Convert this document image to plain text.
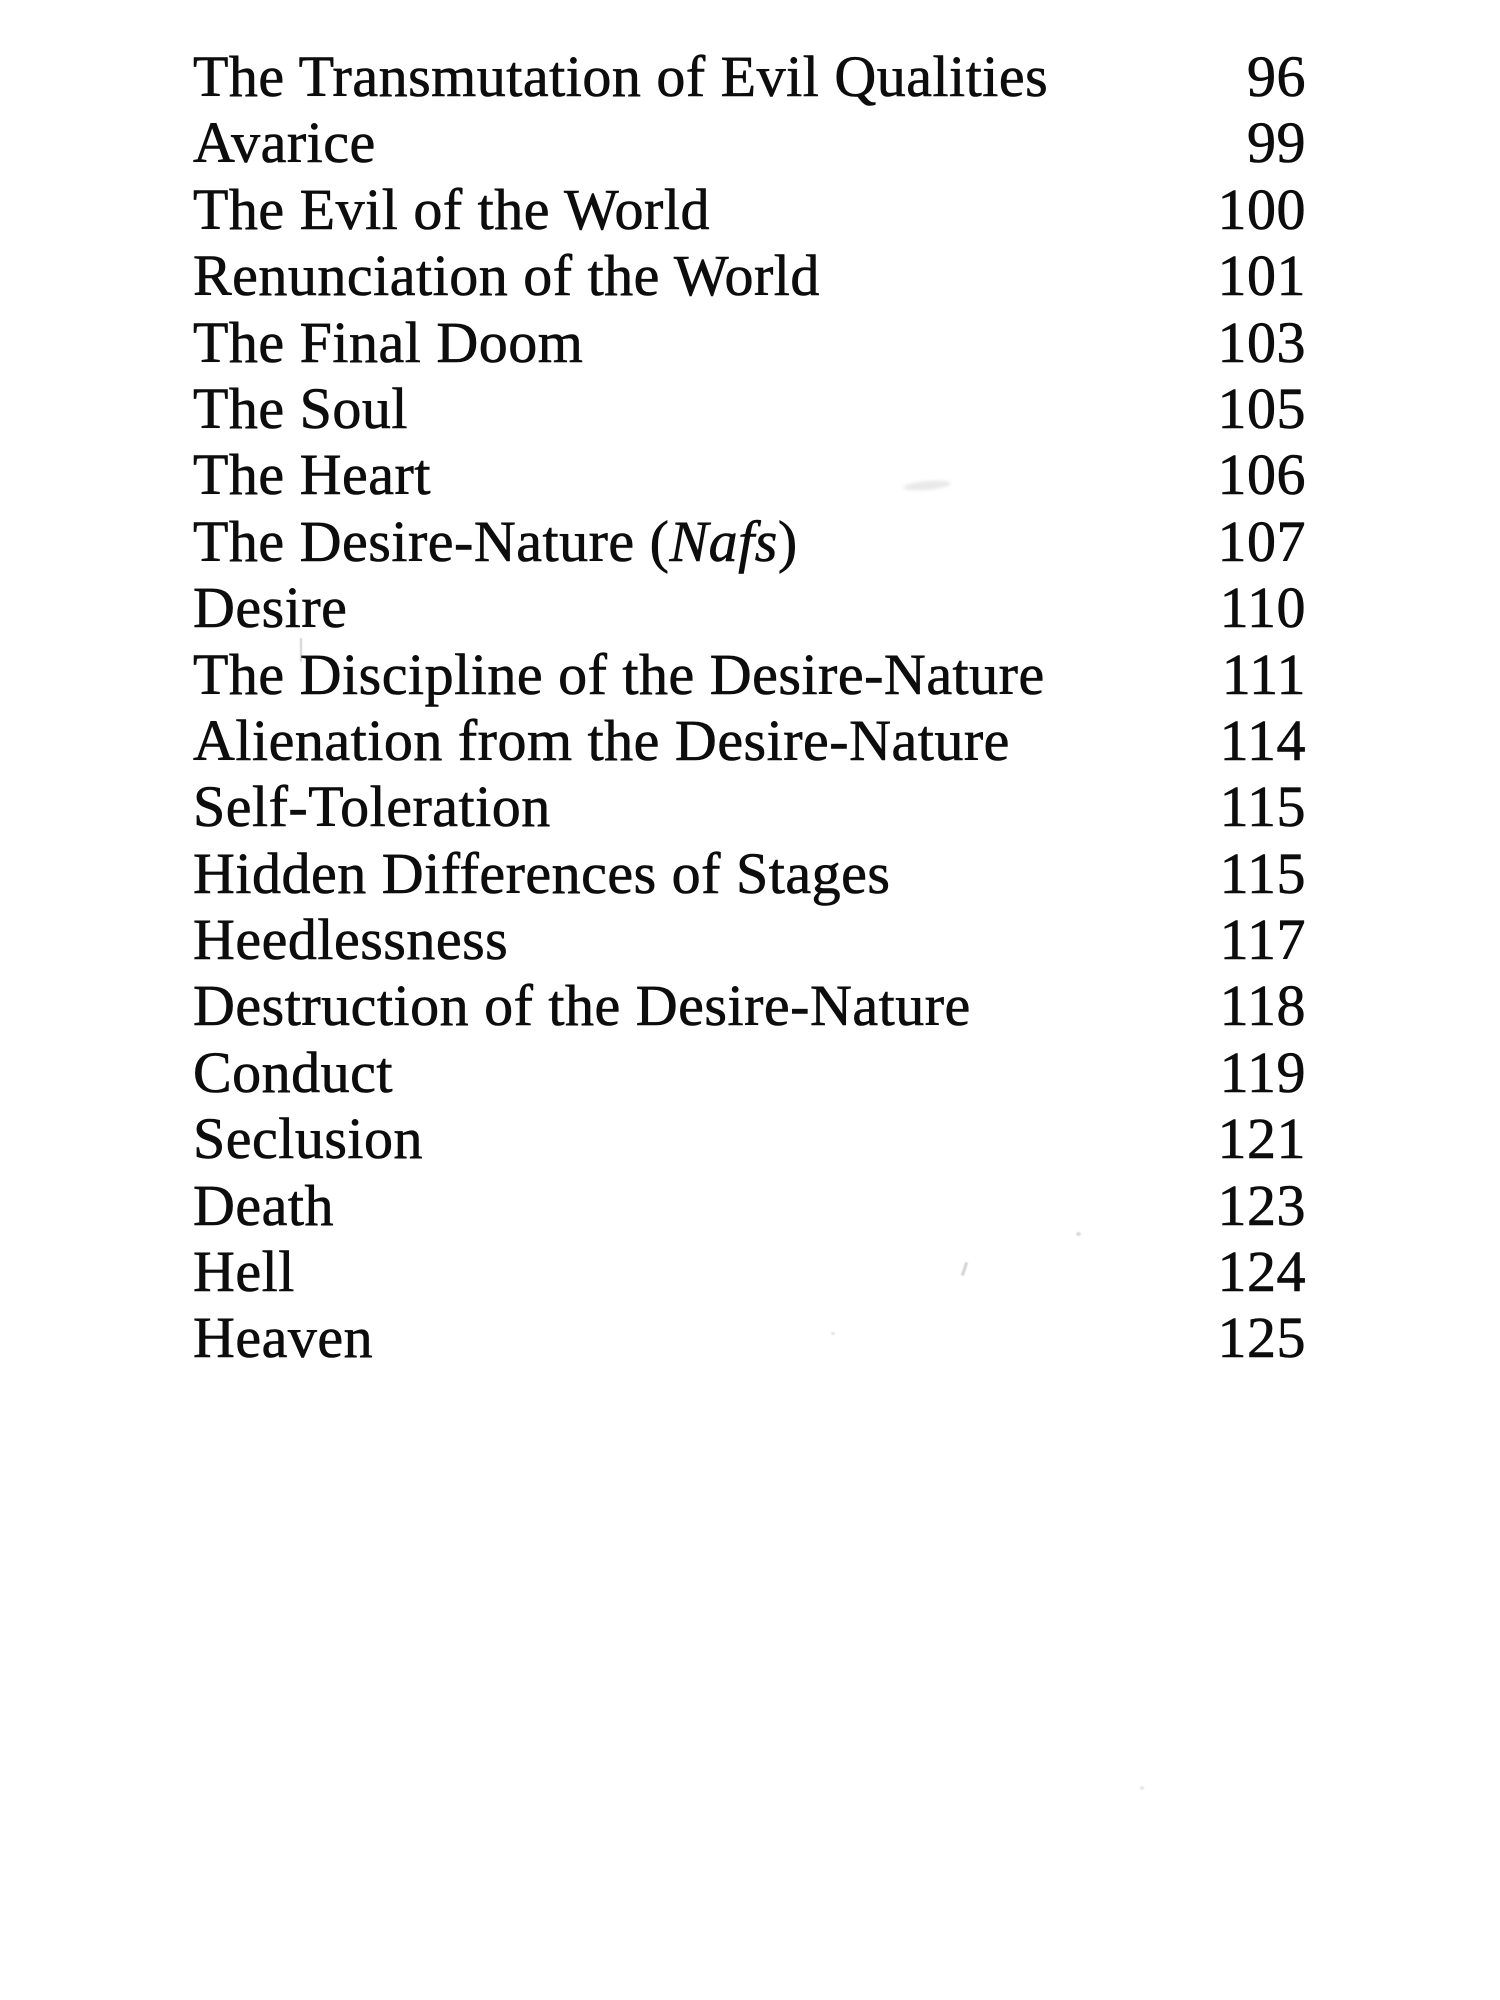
The Transmutation of Evil Qualities	96
Avarice	99
The Evil of the World	100
Renunciation of the World	101
The Final Doom	103
The Soul	105
The Heart	106
The Desire-Nature (Nafs)	107
Desire	110
The Discipline of the Desire-Nature	111
Alienation from the Desire-Nature	114
Self-Toleration	115
Hidden Differences of Stages	115
Heedlessness	117
Destruction of the Desire-Nature	118
Conduct	119
Seclusion	121
Death	123
Hell	124
Heaven	125
